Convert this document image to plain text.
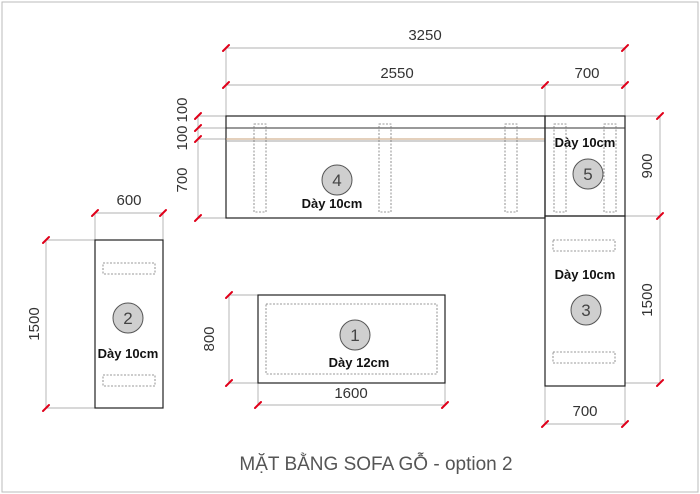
1
2	3
4	5
Dày 12cm
Dày 10cm
Dày 10cm
Dày 10cm
Dày 10cm
3250
2550	700
600
1600
700
100
100
700
900
1500
1500	800
MẶT BẰNG SOFA GỖ - option 2
